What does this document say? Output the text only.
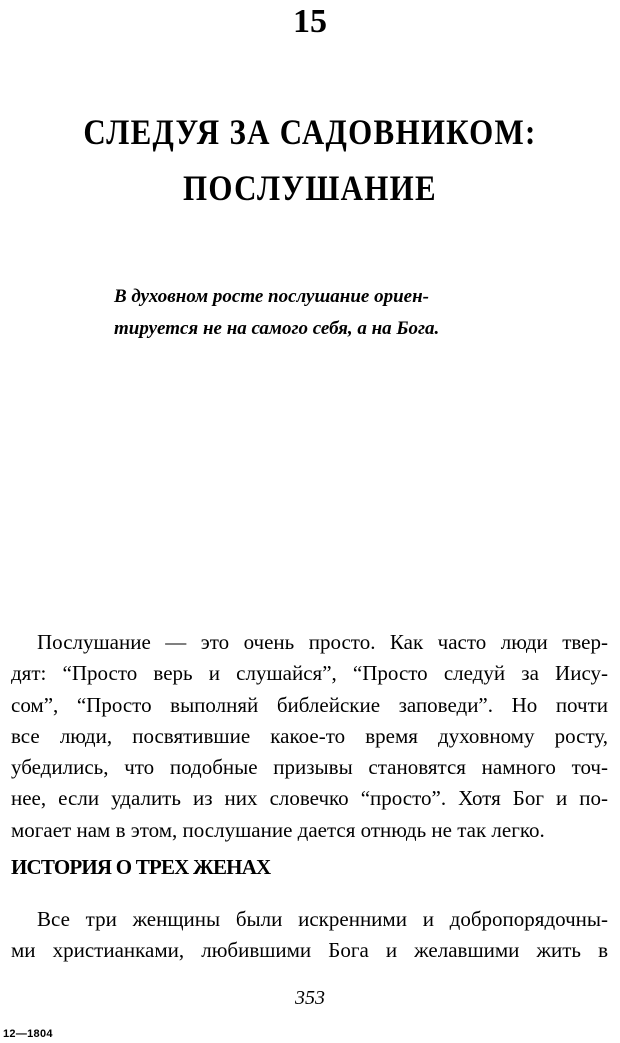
15
СЛЕДУЯ ЗА САДОВНИКОМ:
ПОСЛУШАНИЕ
В духовном росте послушание ориен-
тируется не на самого себя, а на Бога.
Послушание — это очень просто. Как часто люди твер-
дят: “Просто верь и слушайся”, “Просто следуй за Иису-
сом”, “Просто выполняй библейские заповеди”. Но почти
все люди, посвятившие какое-то время духовному росту,
убедились, что подобные призывы становятся намного точ-
нее, если удалить из них словечко “просто”. Хотя Бог и по-
могает нам в этом, послушание дается отнюдь не так легко.
ИСТОРИЯ О ТРЕХ ЖЕНАХ
Все три женщины были искренними и добропорядочны-
ми христианками, любившими Бога и желавшими жить в
353
12—1804
